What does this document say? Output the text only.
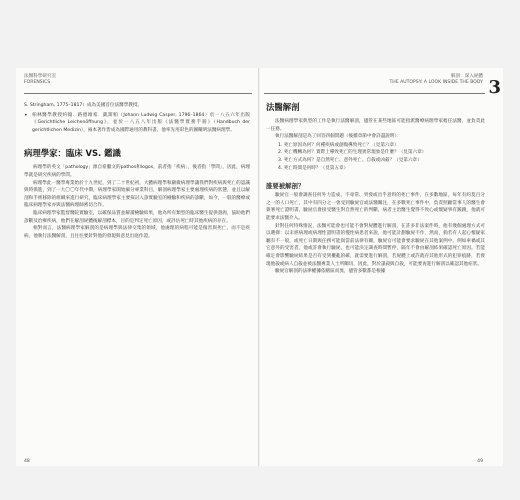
法醫科學研究室
FORENSICS

S. Stringham, 1775–1817）成為美國首位法醫學教授。

• 柏林醫學教授約翰．路德維希．凱斯帕（Johann Ludwig Casper, 1796–1864）於一八五六年出版《Gerichtliche Leichenöffnung》，並於一八五八年出版《法醫學實務手冊》（Handbuch der gerichtlichen Medizin），兩本著作皆成為國際通用的教科書，他率先用彩色的圖闡明法醫病理學。

病理學家：臨床 VS. 鑑識

病理學的英文「pathology」源自希臘文的pathos和logos，前者指「疾病」，後者指「學問」，因此，病理學就是研究疾病的學問。

病理學此一醫學專業始於十九世紀，到了二十世紀初，大體病理學和顯微病理學讓我們對疾病與死亡的認識與時俱進，到了一九〇〇年代中期，病理學家開始細分專業科目，解剖病理學家主要處理疾病的狀態，並且以解剖和手術移除的組織來進行研究，臨床病理學家主要探討入診實驗室的檢驗和疾病的診斷，如今，一般的醫療或臨床病理學家亦與法醫病理師密切合作。

臨床病理學家監督醫院實驗室，以確保品質並解讀檢驗結果，他為所有類型的臨床醫生提供諮詢，協助他們診斷及治療疾病，他們在解剖屍體後解剖標本，目的是判定死亡原因，或評估死亡時其他疾病的存在。

相對而言，法醫病理學家解剖的是病理學與法律交集的領域，他處理的病程可能是傷害與死亡，而不是疾病，他執行法醫解剖，且往往要針對他的發現與意見出庭作證。

48
解剖：深入屍體
THE AUTOPSY: A LOOK INSIDE THE BODY 3
法醫解剖

法醫病理學家典型的工作是執行法醫解剖，儘管在某些地區可能指派醫療病理學家擔任法醫，並負責此一任務。

執行法醫解剖是為了回答四個問題（後續章節中會詳盡說明）：

1. 死亡原因為何？何種疾病或創傷導致死亡？（見第六章）
2. 死亡機轉為何？實際上導致死亡的生理異常現象是什麼？（見第六章）
3. 死亡方式為何？是自然死亡、意外死亡、自殺或凶殺？（見第六章）
4. 死亡時間是何時？（見第五章）
誰要被解剖？

驗屍官一般會調查任何外力造成、不尋常、突發或出乎意料的死亡事件，在多數地區，每年有約莫百分之一的人口死亡，其中有四分之一會受到驗屍官或法醫關注，在多數死亡事件中，負責照顧當事人的醫生會簽署死亡證明書，驗屍官會接受醫生對自然死亡的判斷，病者主治醫生覺得不致心或懷疑事有蹊蹺，他就可能要求法醫介入。

針對任何特殊情況，法醫可能會也可能不會對屍體進行解剖，在許多非法案件時，他有幾個處理方式可以選擇：以未經病理或病理性證明書的慢性病患者來說，他可能計劃驗屍不作，然而，倘若有人起心懷疑家屬有不一般，或死亡日期與任務可能與當前法律有關，驗屍官可能會要求驗屍在其他案例中，例如車禍或其它意外的受害者，他或許會執行驗屍，也可能決定調查時間暫停，隔年不會由解剖結果確認死亡原因。若能確定會影響驗屍結果是否有受到擾亂的確，就需要進行解剖，若屍體上或許就存其他形式的犯罪痕跡，若發現他殺或病人自殺並被法醫專業人士所關切，因此，對於謀殺與自殺，可能要再進行解剖以確認其他症狀。

驗屍官解剖的法律權據依轄區而異，儘管多數都是根據

49
